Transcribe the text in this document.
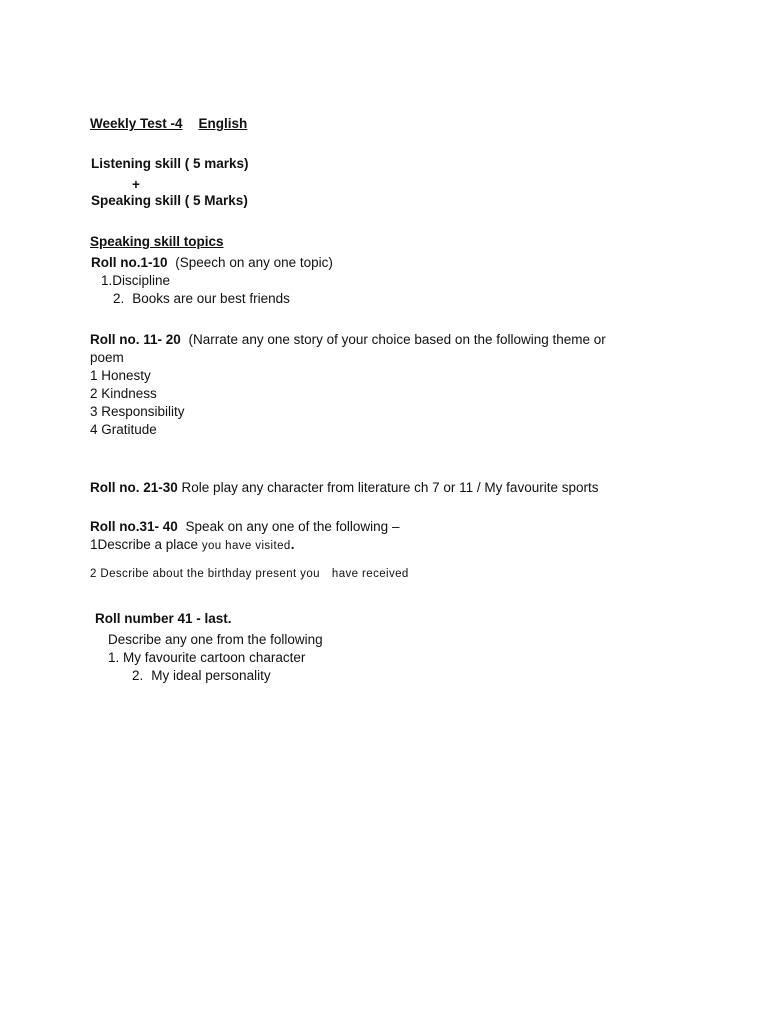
Weekly Test -4 English
Listening skill ( 5 marks)
+
Speaking skill ( 5 Marks)
Speaking skill topics
Roll no.1-10 (Speech on any one topic)
1.Discipline
2. Books are our best friends
Roll no. 11- 20 (Narrate any one story of your choice based on the following theme or
poem
1 Honesty
2 Kindness
3 Responsibility
4 Gratitude
Roll no. 21-30 Role play any character from literature ch 7 or 11 / My favourite sports
Roll no.31- 40 Speak on any one of the following –
1Describe a place you have visited.
2 Describe about the birthday present you have received
Roll number 41 - last.
Describe any one from the following
1. My favourite cartoon character
2. My ideal personality
